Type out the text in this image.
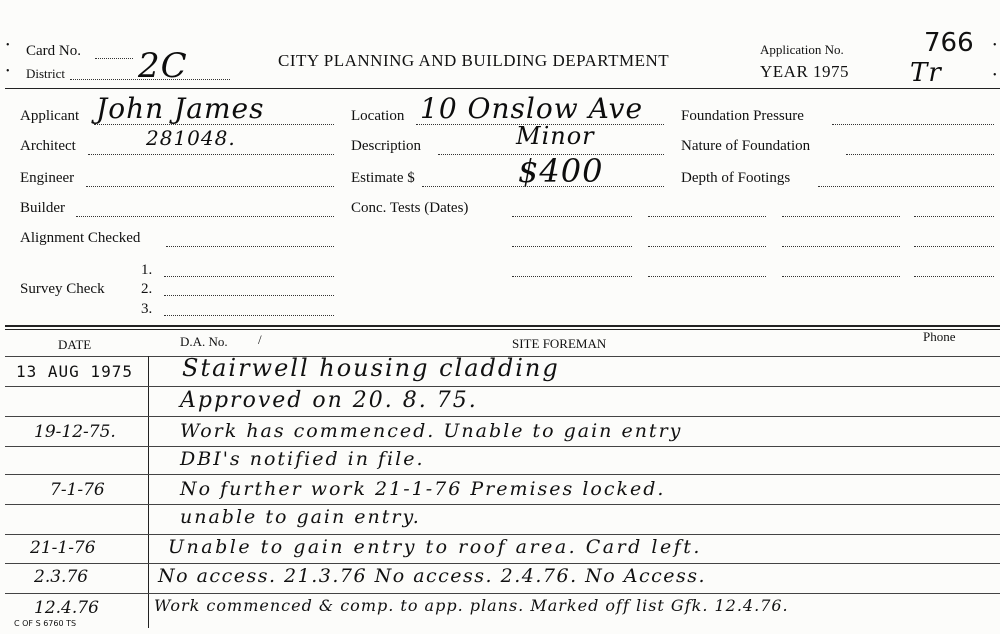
Card No.
District 2C	CITY PLANNING AND BUILDING DEPARTMENT
Application No.
YEAR 1975
766
Tr
Applicant John James
Architect	281048.
Engineer
Builder
Alignment Checked
Survey Check
1.
2.
3.
Location 10 Onslow Ave
Description	Minor
Estimate $	$400
Conc. Tests (Dates)
Foundation Pressure
Nature of Foundation
Depth of Footings
DATE	D.A. No. /	SITE FOREMAN	Phone
13 AUG 1975 Stairwell housing cladding
Approved on 20. 8. 75.
19-12-75.	Work has commenced. Unable to gain entry
DBI's notified in file.
7-1-76	No further work 21-1-76 Premises locked.
unable to gain entry.
21-1-76	Unable to gain entry to roof area. Card left.
2.3.76	No access. 21.3.76 No access. 2.4.76. No Access.
12.4.76	Work commenced & comp. to app. plans. Marked off list Gfk. 12.4.76.
C OF S 6760 TS
•
•
•
•
